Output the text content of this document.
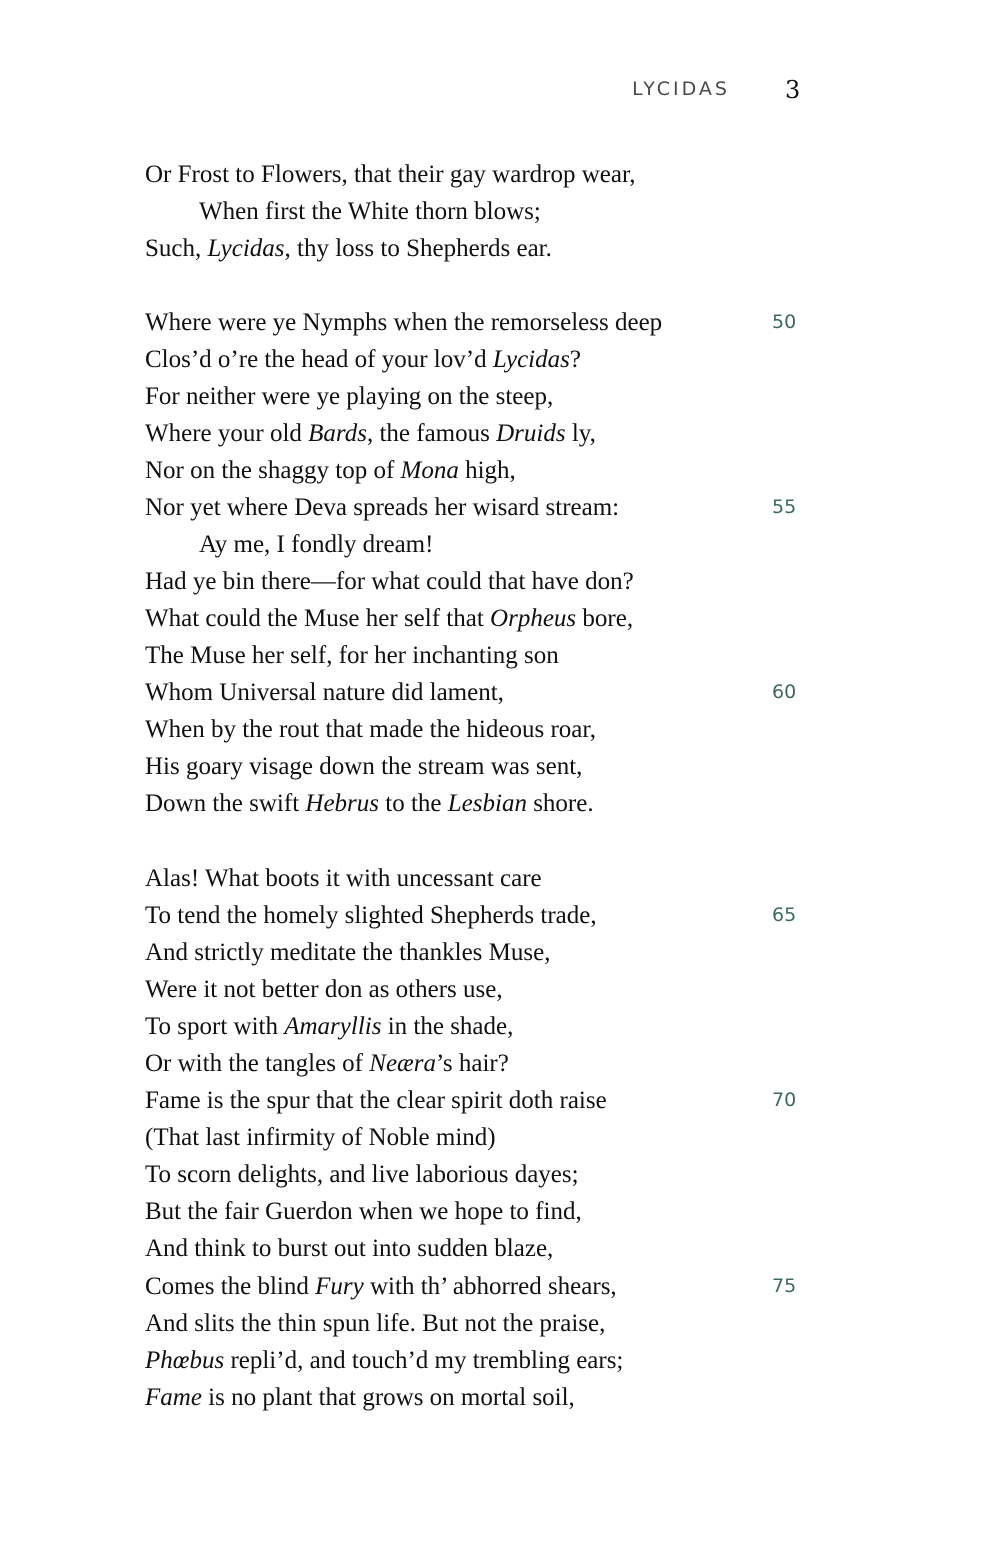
LYCIDAS 3
Or Frost to Flowers, that their gay wardrop wear,
When first the White thorn blows;
Such, Lycidas, thy loss to Shepherds ear.
Where were ye Nymphs when the remorseless deep	50
Clos’d o’re the head of your lov’d Lycidas?
For neither were ye playing on the steep,
Where your old Bards, the famous Druids ly,
Nor on the shaggy top of Mona high,
Nor yet where Deva spreads her wisard stream:	55
Ay me, I fondly dream!
Had ye bin there—for what could that have don?
What could the Muse her self that Orpheus bore,
The Muse her self, for her inchanting son
Whom Universal nature did lament,	60
When by the rout that made the hideous roar,
His goary visage down the stream was sent,
Down the swift Hebrus to the Lesbian shore.
Alas! What boots it with uncessant care
To tend the homely slighted Shepherds trade,	65
And strictly meditate the thankles Muse,
Were it not better don as others use,
To sport with Amaryllis in the shade,
Or with the tangles of Neæra’s hair?
Fame is the spur that the clear spirit doth raise	70
(That last infirmity of Noble mind)
To scorn delights, and live laborious dayes;
But the fair Guerdon when we hope to find,
And think to burst out into sudden blaze,
Comes the blind Fury with th’ abhorred shears,	75
And slits the thin spun life. But not the praise,
Phœbus repli’d, and touch’d my trembling ears;
Fame is no plant that grows on mortal soil,
